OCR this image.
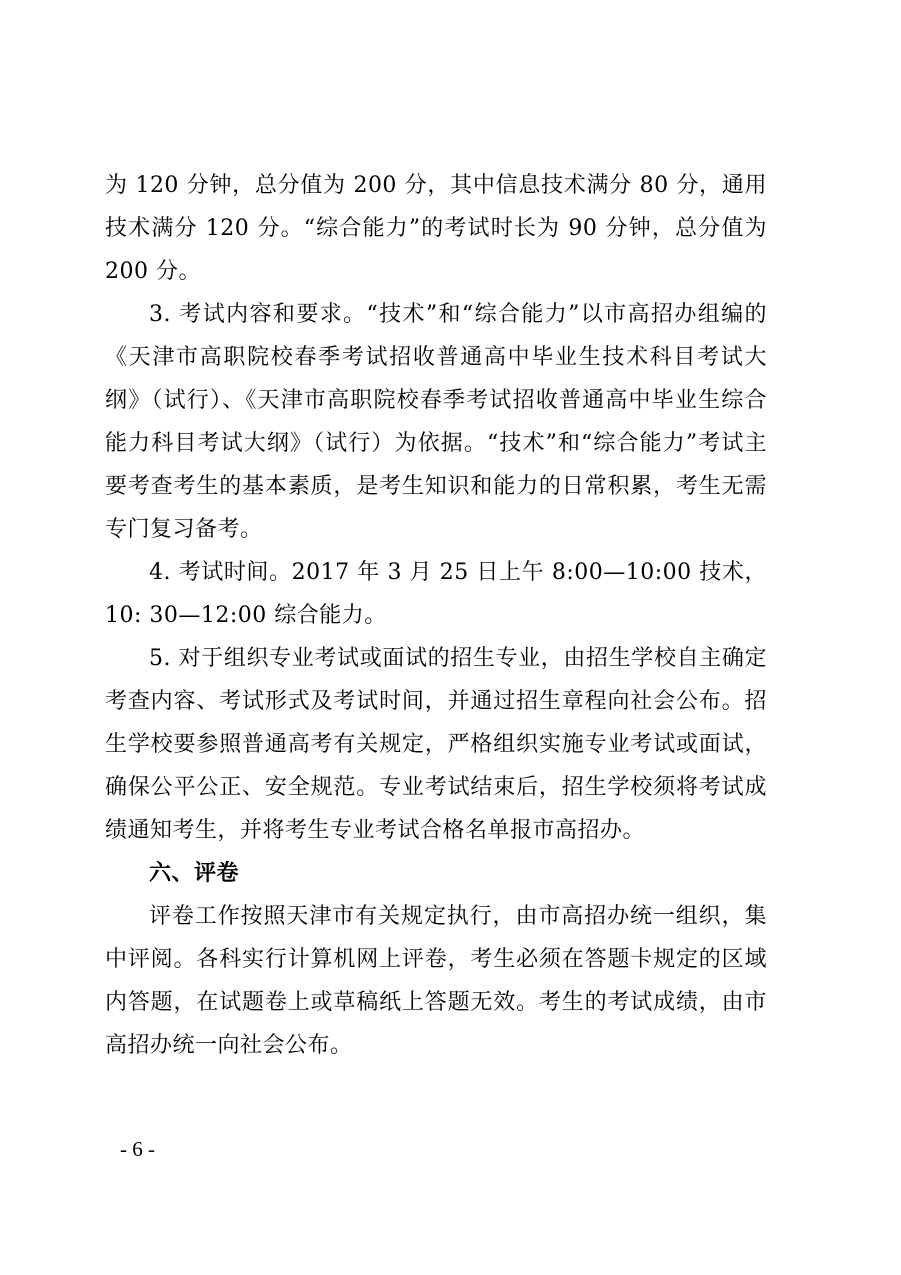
为 120 分钟，总分值为 200 分，其中信息技术满分 80 分，通用技术满分 120 分。“综合能力”的考试时长为 90 分钟，总分值为 200 分。

3. 考试内容和要求。“技术”和“综合能力”以市高招办组编的《天津市高职院校春季考试招收普通高中毕业生技术科目考试大纲》（试行）、《天津市高职院校春季考试招收普通高中毕业生综合能力科目考试大纲》（试行）为依据。“技术”和“综合能力”考试主要考查考生的基本素质，是考生知识和能力的日常积累，考生无需专门复习备考。

4. 考试时间。2017 年 3 月 25 日上午 8:00—10:00 技术，10: 30—12:00 综合能力。

5. 对于组织专业考试或面试的招生专业，由招生学校自主确定考查内容、考试形式及考试时间，并通过招生章程向社会公布。招生学校要参照普通高考有关规定，严格组织实施专业考试或面试，确保公平公正、安全规范。专业考试结束后，招生学校须将考试成绩通知考生，并将考生专业考试合格名单报市高招办。

六、评卷

评卷工作按照天津市有关规定执行，由市高招办统一组织，集中评阅。各科实行计算机网上评卷，考生必须在答题卡规定的区域内答题，在试题卷上或草稿纸上答题无效。考生的考试成绩，由市高招办统一向社会公布。

- 6 -
